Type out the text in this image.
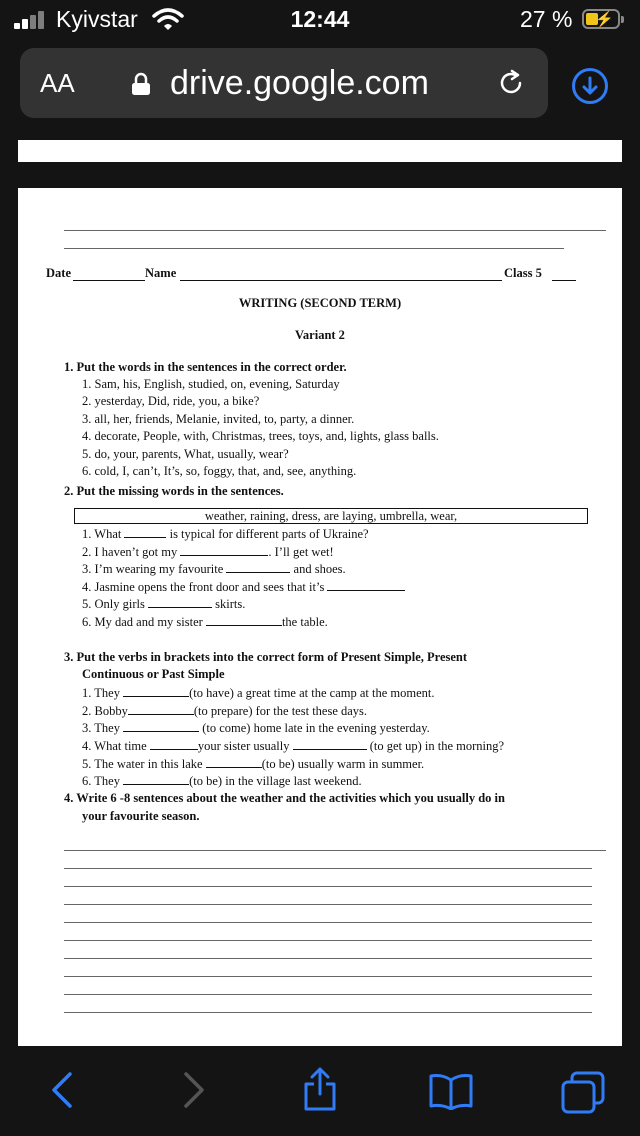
Kyivstar	12:44	27 % ⚡
AA	drive.google.com
Date	Name	Class 5
WRITING (SECOND TERM)
Variant 2
1. Put the words in the sentences in the correct order.
1. Sam, his, English, studied, on, evening, Saturday
2. yesterday, Did, ride, you, a bike?
3. all, her, friends, Melanie, invited, to, party, a dinner.
4. decorate, People, with, Christmas, trees, toys, and, lights, glass balls.
5. do, your, parents, What, usually, wear?
6. cold, I, can’t, It’s, so, foggy, that, and, see, anything.
2. Put the missing words in the sentences.
weather, raining, dress, are laying, umbrella, wear,
1. What	is typical for different parts of Ukraine?
2. I haven’t got my	. I’ll get wet!
3. I’m wearing my favourite	and shoes.
4. Jasmine opens the front door and sees that it’s
5. Only girls	skirts.
6. My dad and my sister	the table.
3. Put the verbs in brackets into the correct form of Present Simple, Present
Continuous or Past Simple
1. They	(to have) a great time at the camp at the moment.
2. Bobby	(to prepare) for the test these days.
3. They	(to come) home late in the evening yesterday.
4. What time	your sister usually	(to get up) in the morning?
5. The water in this lake	(to be) usually warm in summer.
6. They	(to be) in the village last weekend.
4. Write 6 -8 sentences about the weather and the activities which you usually do in
your favourite season.
